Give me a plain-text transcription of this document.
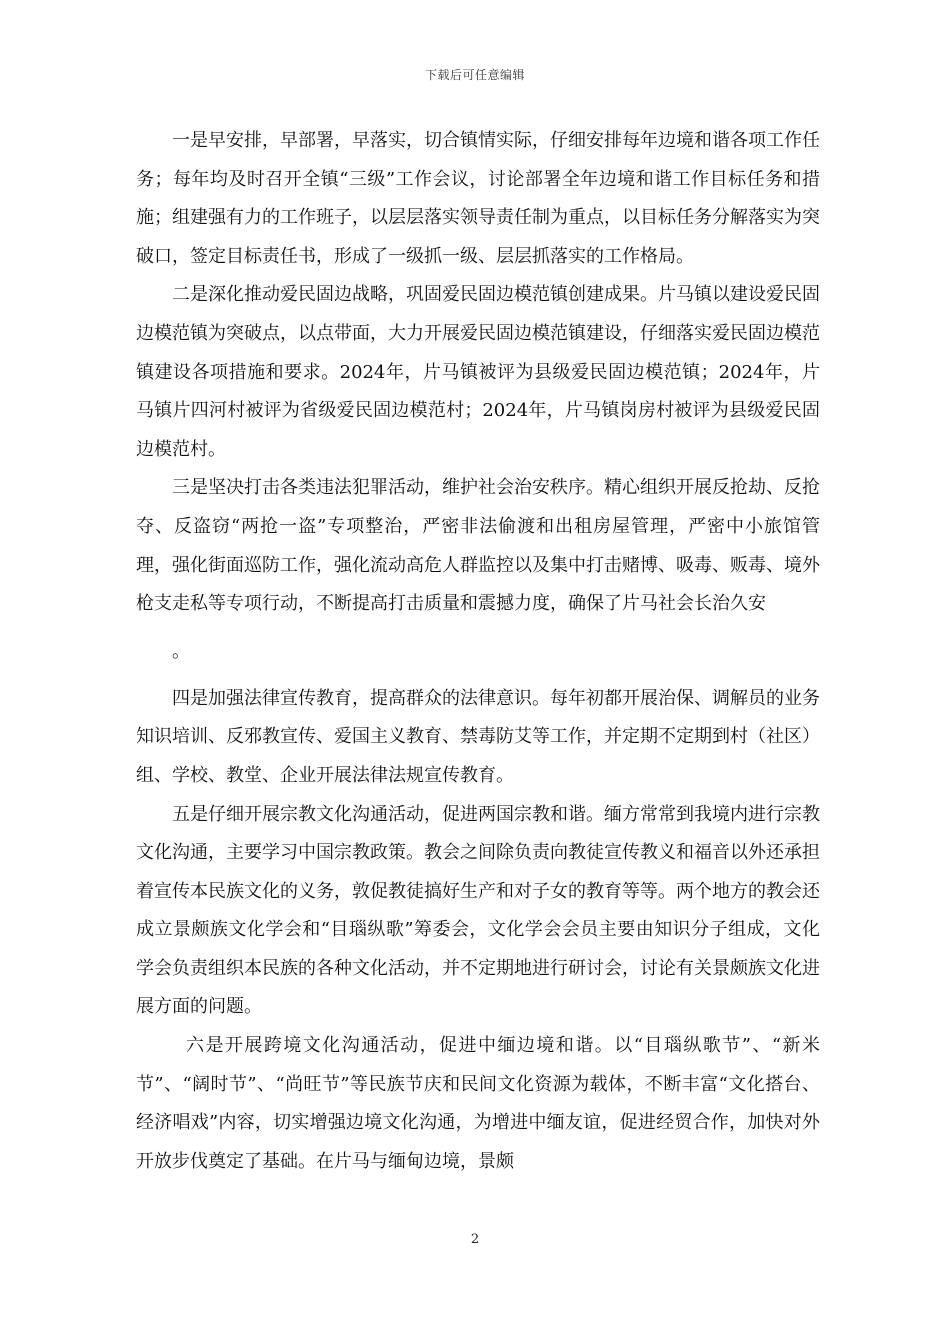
下载后可任意编辑

一是早安排，早部署，早落实，切合镇情实际，仔细安排每年边境和谐各项工作任务；每年均及时召开全镇“三级”工作会议，讨论部署全年边境和谐工作目标任务和措施；组建强有力的工作班子，以层层落实领导责任制为重点，以目标任务分解落实为突破口，签定目标责任书，形成了一级抓一级、层层抓落实的工作格局。

二是深化推动爱民固边战略，巩固爱民固边模范镇创建成果。片马镇以建设爱民固边模范镇为突破点，以点带面，大力开展爱民固边模范镇建设，仔细落实爱民固边模范镇建设各项措施和要求。2024年，片马镇被评为县级爱民固边模范镇；2024年，片马镇片四河村被评为省级爱民固边模范村；2024年，片马镇岗房村被评为县级爱民固边模范村。

三是坚决打击各类违法犯罪活动，维护社会治安秩序。精心组织开展反抢劫、反抢夺、反盗窃“两抢一盗”专项整治，严密非法偷渡和出租房屋管理，严密中小旅馆管理，强化街面巡防工作，强化流动高危人群监控以及集中打击赌博、吸毒、贩毒、境外枪支走私等专项行动，不断提高打击质量和震撼力度，确保了片马社会长治久安

。

四是加强法律宣传教育，提高群众的法律意识。每年初都开展治保、调解员的业务知识培训、反邪教宣传、爱国主义教育、禁毒防艾等工作，并定期不定期到村（社区）组、学校、教堂、企业开展法律法规宣传教育。

五是仔细开展宗教文化沟通活动，促进两国宗教和谐。缅方常常到我境内进行宗教文化沟通，主要学习中国宗教政策。教会之间除负责向教徒宣传教义和福音以外还承担着宣传本民族文化的义务，敦促教徒搞好生产和对子女的教育等等。两个地方的教会还成立景颇族文化学会和“目瑙纵歌”筹委会，文化学会会员主要由知识分子组成，文化学会负责组织本民族的各种文化活动，并不定期地进行研讨会，讨论有关景颇族文化进展方面的问题。

六是开展跨境文化沟通活动，促进中缅边境和谐。以“目瑙纵歌节”、“新米节”、“阔时节”、“尚旺节”等民族节庆和民间文化资源为载体，不断丰富“文化搭台、经济唱戏”内容，切实增强边境文化沟通，为增进中缅友谊，促进经贸合作，加快对外开放步伐奠定了基础。在片马与缅甸边境，景颇

2
